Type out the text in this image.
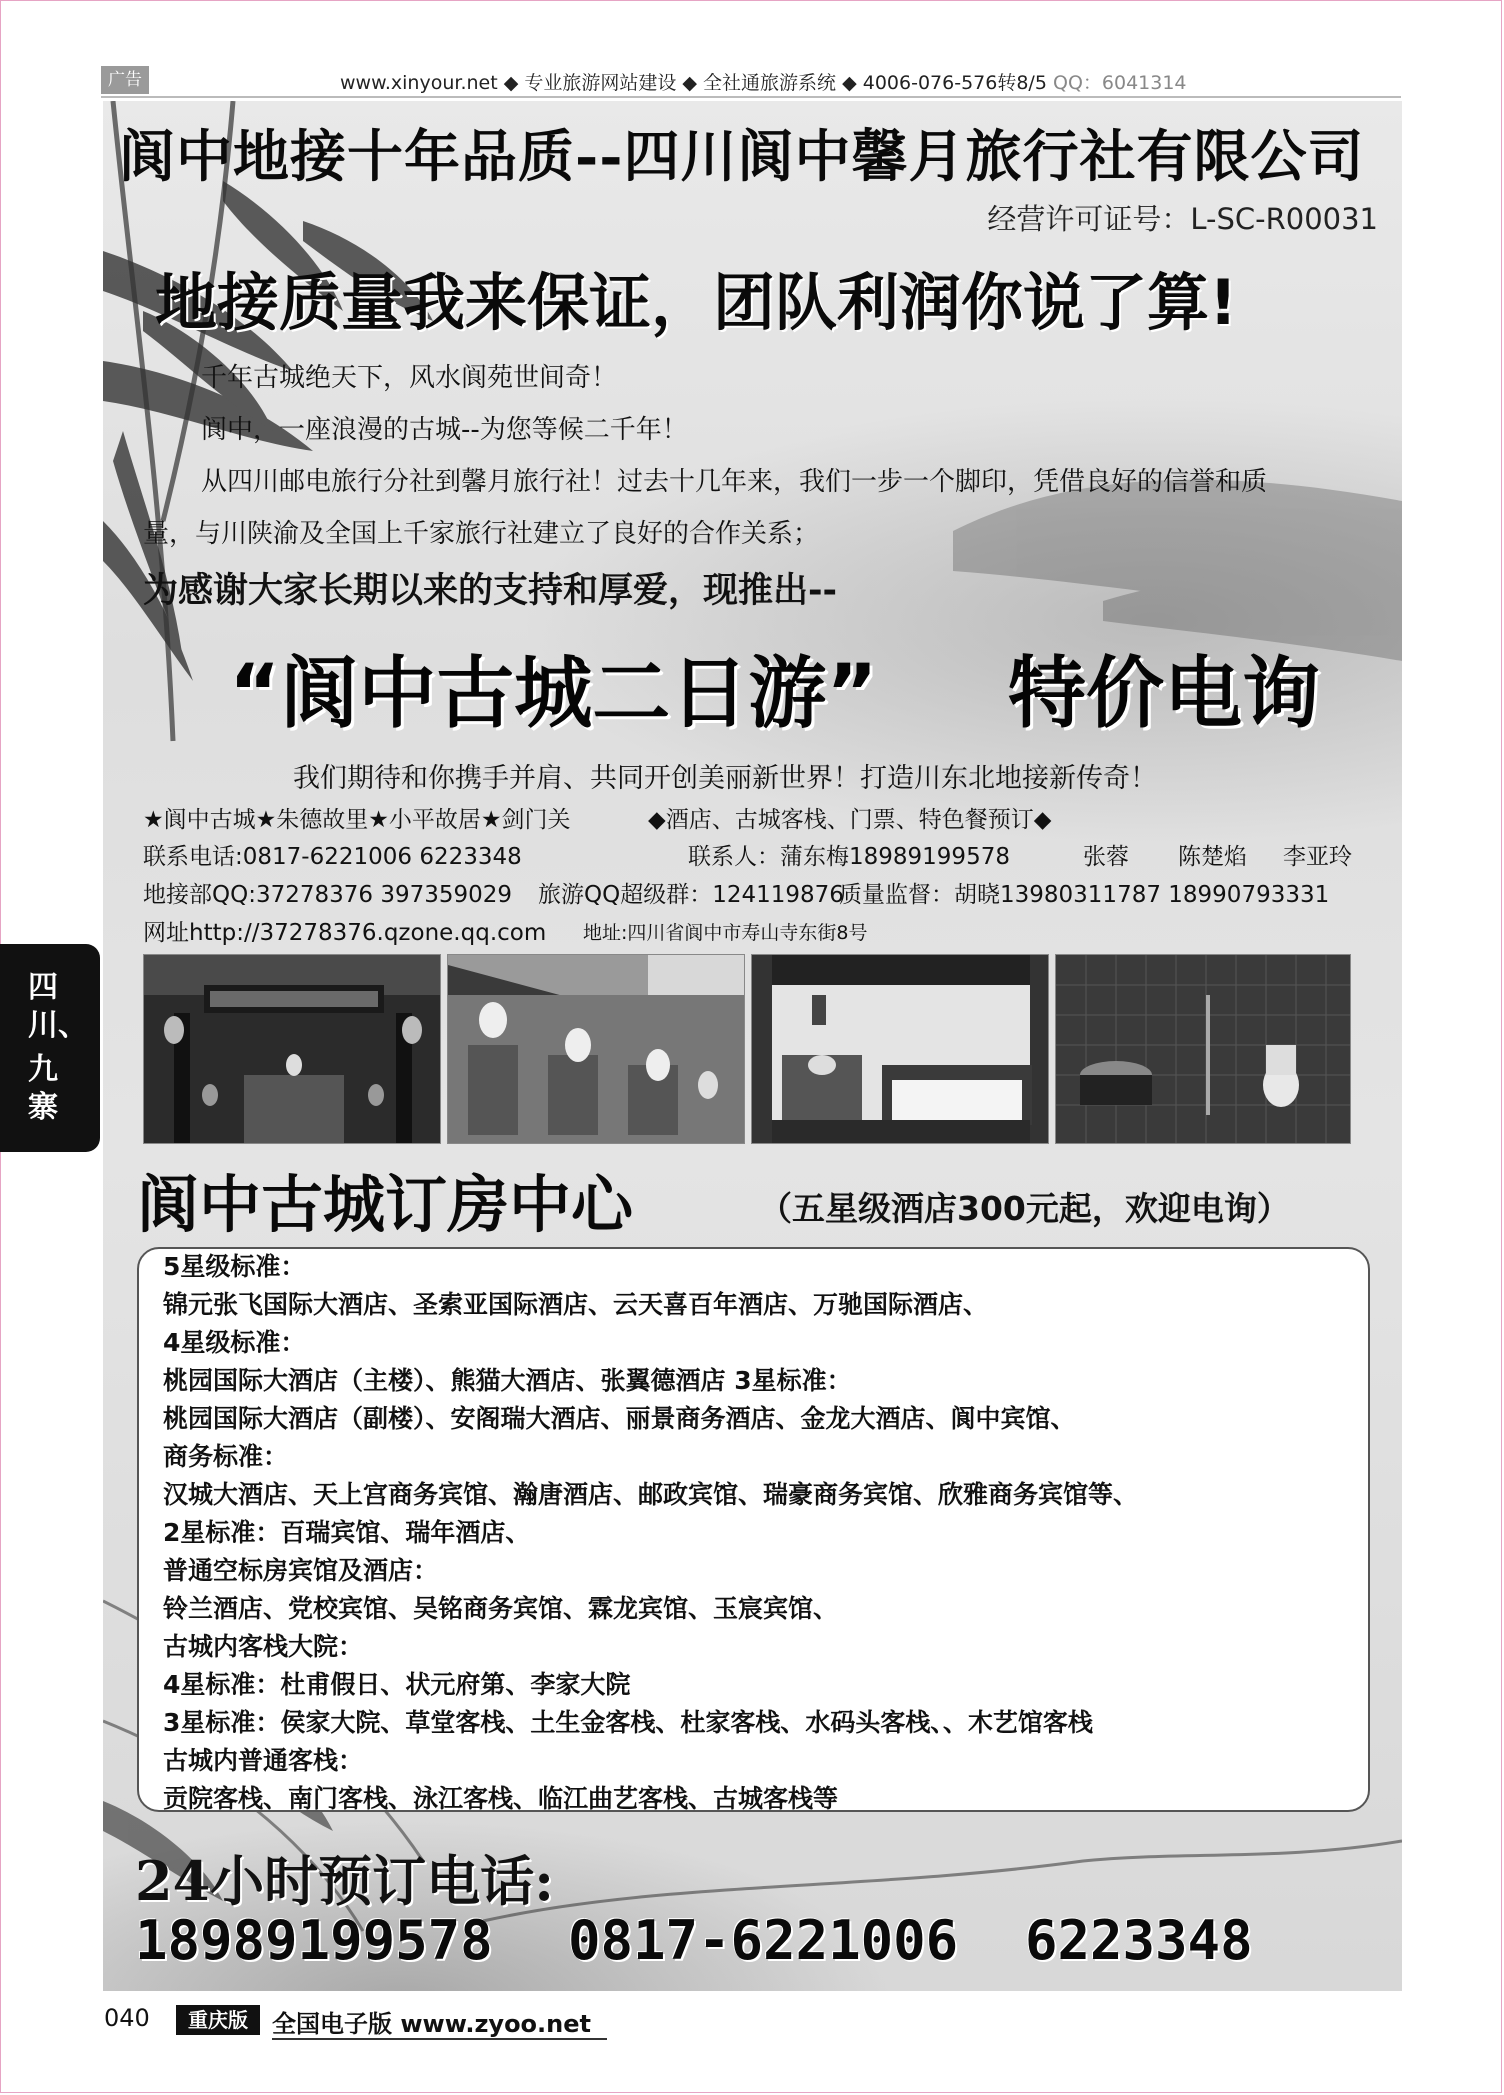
广告	www.xinyour.net ◆ 专业旅游网站建设 ◆ 全社通旅游系统 ◆ 4006-076-576转8/5 QQ：6041314
阆中地接十年品质--四川阆中馨月旅行社有限公司
经营许可证号：L-SC-R00031
地接质量我来保证，团队利润你说了算!
千年古城绝天下，风水阆苑世间奇！
阆中，一座浪漫的古城--为您等候二千年！
从四川邮电旅行分社到馨月旅行社！过去十几年来，我们一步一个脚印，凭借良好的信誉和质
量，与川陕渝及全国上千家旅行社建立了良好的合作关系；
为感谢大家长期以来的支持和厚爱，现推出--
“阆中古城二日游” 特价电询
我们期待和你携手并肩、共同开创美丽新世界！打造川东北地接新传奇！
★阆中古城★朱德故里★小平故居★剑门关	◆酒店、古城客栈、门票、特色餐预订◆
联系电话:0817-6221006 6223348	联系人：蒲东梅18989199578	张蓉 陈楚焰 李亚玲
地接部QQ:37278376 397359029 旅游QQ超级群：124119876
质量监督：胡晓13980311787 18990793331
网址http://37278376.qzone.qq.com 地址:四川省阆中市寿山寺东街8号
阆中古城订房中心	（五星级酒店300元起，欢迎电询）
5星级标准：
锦元张飞国际大酒店、圣索亚国际酒店、云天喜百年酒店、万驰国际酒店、
4星级标准：
桃园国际大酒店（主楼）、熊猫大酒店、张翼德酒店 3星标准：
桃园国际大酒店（副楼）、安阁瑞大酒店、丽景商务酒店、金龙大酒店、阆中宾馆、
商务标准：
汉城大酒店、天上宫商务宾馆、瀚唐酒店、邮政宾馆、瑞豪商务宾馆、欣雅商务宾馆等、
2星标准：百瑞宾馆、瑞年酒店、
普通空标房宾馆及酒店：
铃兰酒店、党校宾馆、吴铭商务宾馆、霖龙宾馆、玉宸宾馆、
古城内客栈大院：
4星标准：杜甫假日、状元府第、李家大院
3星标准：侯家大院、草堂客栈、土生金客栈、杜家客栈、水码头客栈、、木艺馆客栈
古城内普通客栈：
贡院客栈、南门客栈、泳江客栈、临江曲艺客栈、古城客栈等
24小时预订电话:
18989199578 0817-6221006 6223348
四
川、
九
寨
040	重庆版	全国电子版 www.zyoo.net
